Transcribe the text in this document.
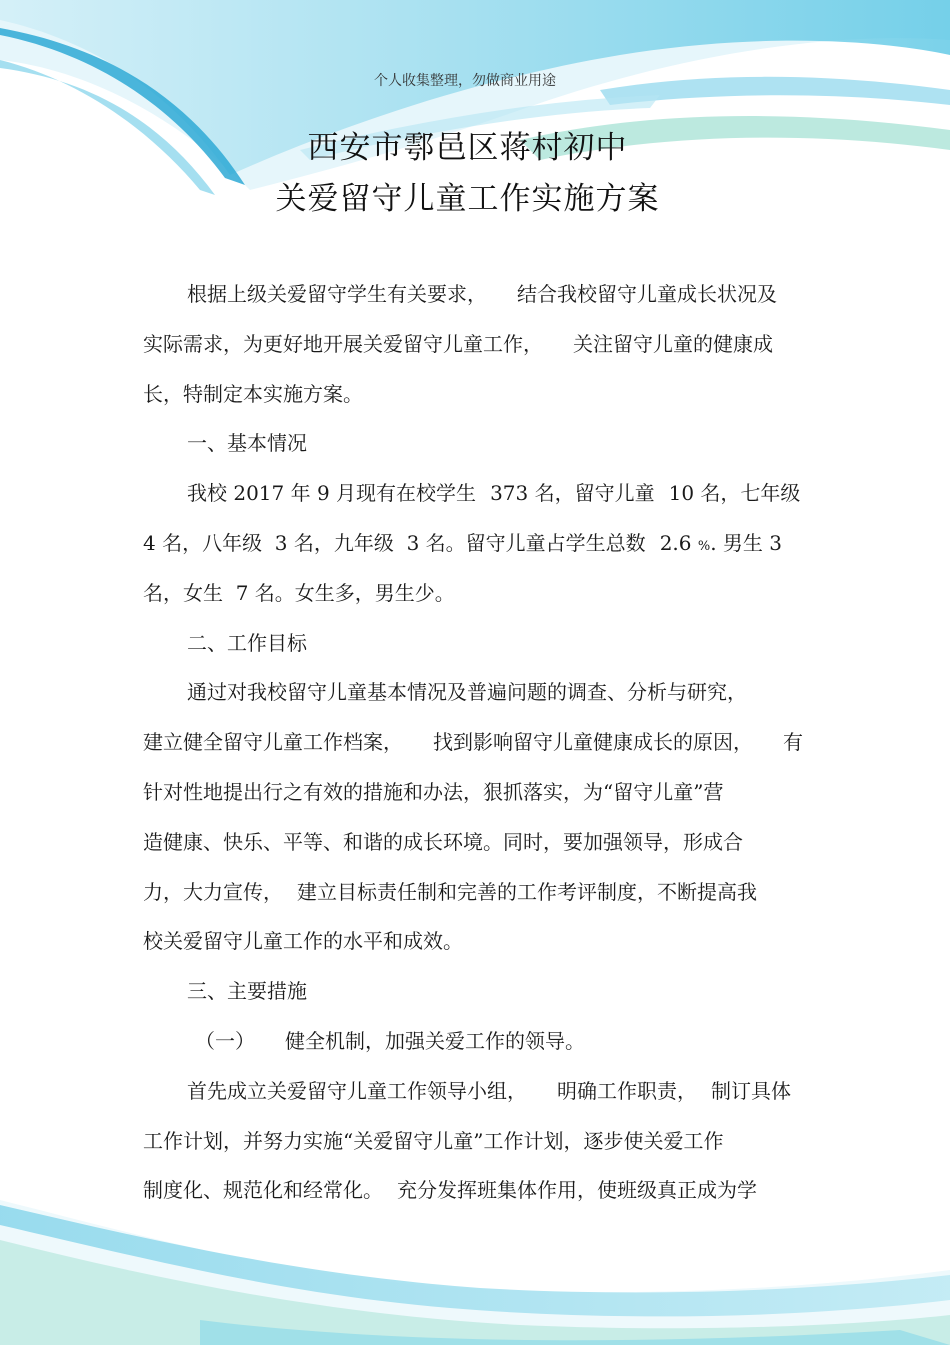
个人收集整理，勿做商业用途
西安市鄠邑区蒋村初中
关爱留守儿童工作实施方案
根据上级关爱留守学生有关要求， 结合我校留守儿童成长状况及
实际需求，为更好地开展关爱留守儿童工作， 关注留守儿童的健康成
长，特制定本实施方案。
一、基本情况
我校 2017 年 9 月现有在校学生 373 名，留守儿童 10 名，七年级
4 名，八年级  3 名，九年级  3 名。留守儿童占学生总数 2.6 %. 男生 3
名，女生  7 名。女生多，男生少。
二、工作目标
通过对我校留守儿童基本情况及普遍问题的调查、分析与研究，
建立健全留守儿童工作档案， 找到影响留守儿童健康成长的原因， 有
针对性地提出行之有效的措施和办法，狠抓落实，为“留守儿童”营
造健康、快乐、平等、和谐的成长环境。同时，要加强领导，形成合
力，大力宣传， 建立目标责任制和完善的工作考评制度，不断提高我
校关爱留守儿童工作的水平和成效。
三、主要措施
（一） 健全机制，加强关爱工作的领导。
首先成立关爱留守儿童工作领导小组， 明确工作职责， 制订具体
工作计划，并努力实施“关爱留守儿童”工作计划，逐步使关爱工作
制度化、规范化和经常化。 充分发挥班集体作用，使班级真正成为学
